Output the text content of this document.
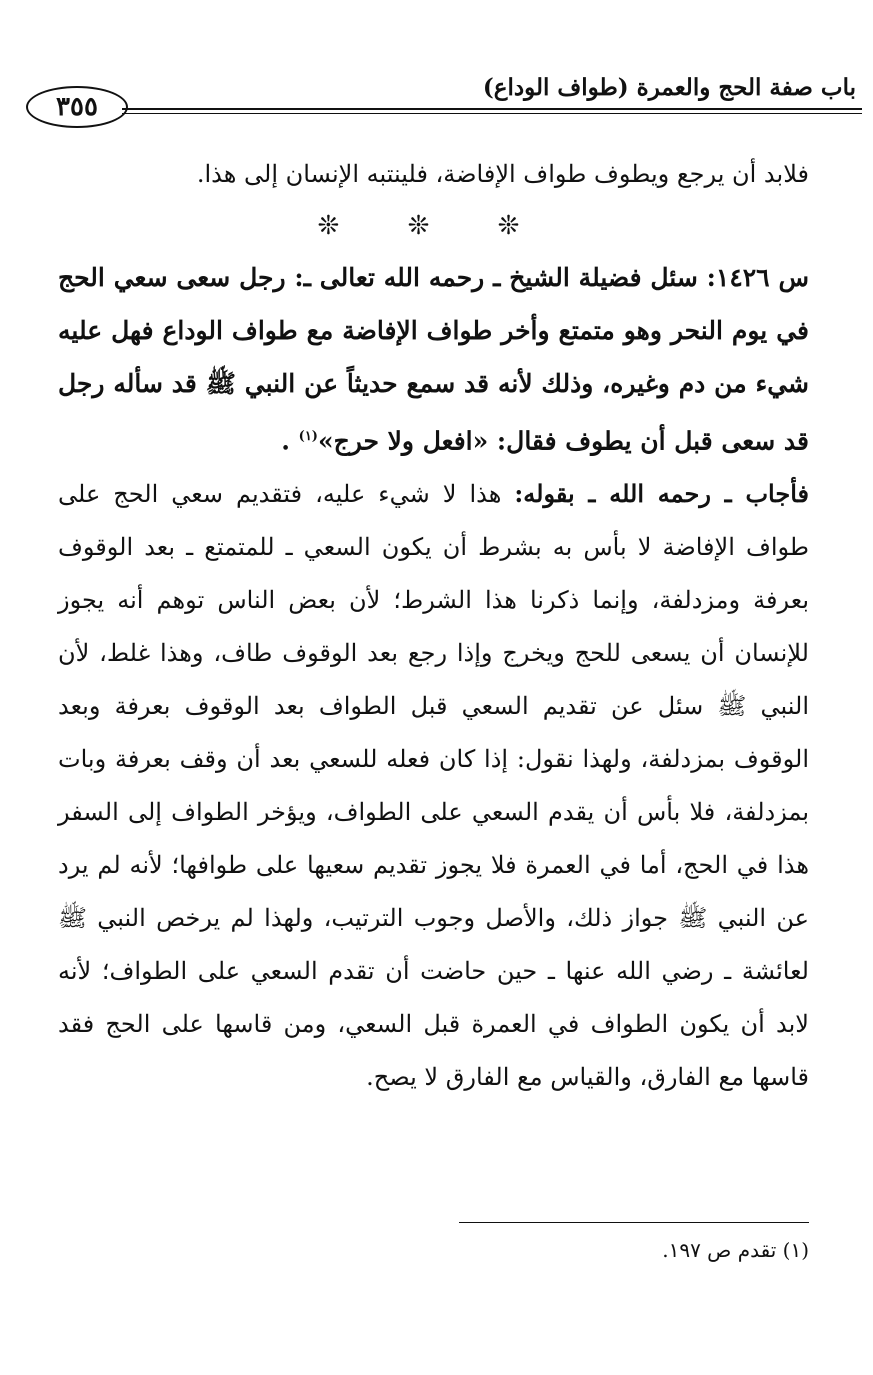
باب صفة الحج والعمرة (طواف الوداع)
٣٥٥

فلابد أن يرجع ويطوف طواف الإفاضة، فلينتبه الإنسان إلى هذا.

❊ ❊ ❊

س ١٤٢٦: سئل فضيلة الشيخ ـ رحمه الله تعالى ـ: رجل سعى سعي الحج في يوم النحر وهو متمتع وأخر طواف الإفاضة مع طواف الوداع فهل عليه شيء من دم وغيره، وذلك لأنه قد سمع حديثاً عن النبي ﷺ قد سأله رجل قد سعى قبل أن يطوف فقال: «افعل ولا حرج»$^{(١)}$ .

فأجاب ـ رحمه الله ـ بقوله: هذا لا شيء عليه، فتقديم سعي الحج على طواف الإفاضة لا بأس به بشرط أن يكون السعي ـ للمتمتع ـ بعد الوقوف بعرفة ومزدلفة، وإنما ذكرنا هذا الشرط؛ لأن بعض الناس توهم أنه يجوز للإنسان أن يسعى للحج ويخرج وإذا رجع بعد الوقوف طاف، وهذا غلط، لأن النبي ﷺ سئل عن تقديم السعي قبل الطواف بعد الوقوف بعرفة وبعد الوقوف بمزدلفة، ولهذا نقول: إذا كان فعله للسعي بعد أن وقف بعرفة وبات بمزدلفة، فلا بأس أن يقدم السعي على الطواف، ويؤخر الطواف إلى السفر هذا في الحج، أما في العمرة فلا يجوز تقديم سعيها على طوافها؛ لأنه لم يرد عن النبي ﷺ جواز ذلك، والأصل وجوب الترتيب، ولهذا لم يرخص النبي ﷺ لعائشة ـ رضي الله عنها ـ حين حاضت أن تقدم السعي على الطواف؛ لأنه لابد أن يكون الطواف في العمرة قبل السعي، ومن قاسها على الحج فقد قاسها مع الفارق، والقياس مع الفارق لا يصح.

(١) تقدم ص ١٩٧.
